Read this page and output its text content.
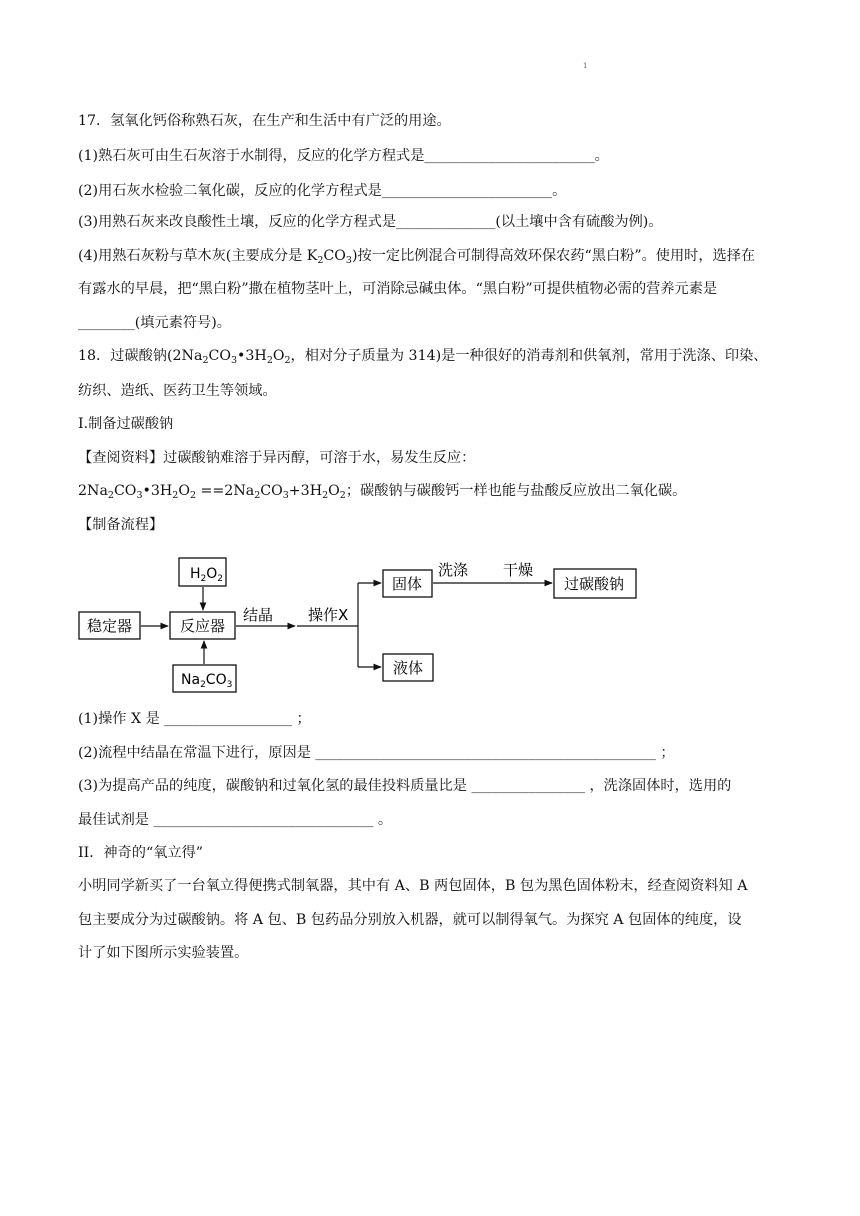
1
17．氢氧化钙俗称熟石灰，在生产和生活中有广泛的用途。
(1)熟石灰可由生石灰溶于水制得，反应的化学方程式是________________________。
(2)用石灰水检验二氧化碳，反应的化学方程式是________________________。
(3)用熟石灰来改良酸性土壤，反应的化学方程式是______________(以土壤中含有硫酸为例)。
(4)用熟石灰粉与草木灰(主要成分是 $K_2CO_3$)按一定比例混合可制得高效环保农药“黑白粉”。使用时，选择在
有露水的早晨，把“黑白粉”撒在植物茎叶上，可消除忌碱虫体。“黑白粉”可提供植物必需的营养元素是
________(填元素符号)。
18．过碳酸钠($2Na_2CO_3•3H_2O_2$，相对分子质量为 314)是一种很好的消毒剂和供氧剂，常用于洗涤、印染、
纺织、造纸、医药卫生等领域。
I.制备过碳酸钠
【查阅资料】过碳酸钠难溶于异丙醇，可溶于水，易发生反应：
$2Na_2CO_3•3H_2O_2 ==2Na_2CO_3+3H_2O_2$；碳酸钠与碳酸钙一样也能与盐酸反应放出二氧化碳。
【制备流程】
$H_2O_2$
稳定器	反应器
$Na_2CO_3$
结晶 操作X
固体
洗涤 干燥
过碳酸钠
液体
(1)操作 X 是 __________________ ；
(2)流程中结晶在常温下进行，原因是 ________________________________________________ ；
(3)为提高产品的纯度，碳酸钠和过氧化氢的最佳投料质量比是 ________________ ，洗涤固体时，选用的
最佳试剂是 _______________________________ 。
II．神奇的“氧立得”
小明同学新买了一台氧立得便携式制氧器，其中有 A、B 两包固体，B 包为黑色固体粉末，经查阅资料知 A
包主要成分为过碳酸钠。将 A 包、B 包药品分别放入机器，就可以制得氧气。为探究 A 包固体的纯度，设
计了如下图所示实验装置。
